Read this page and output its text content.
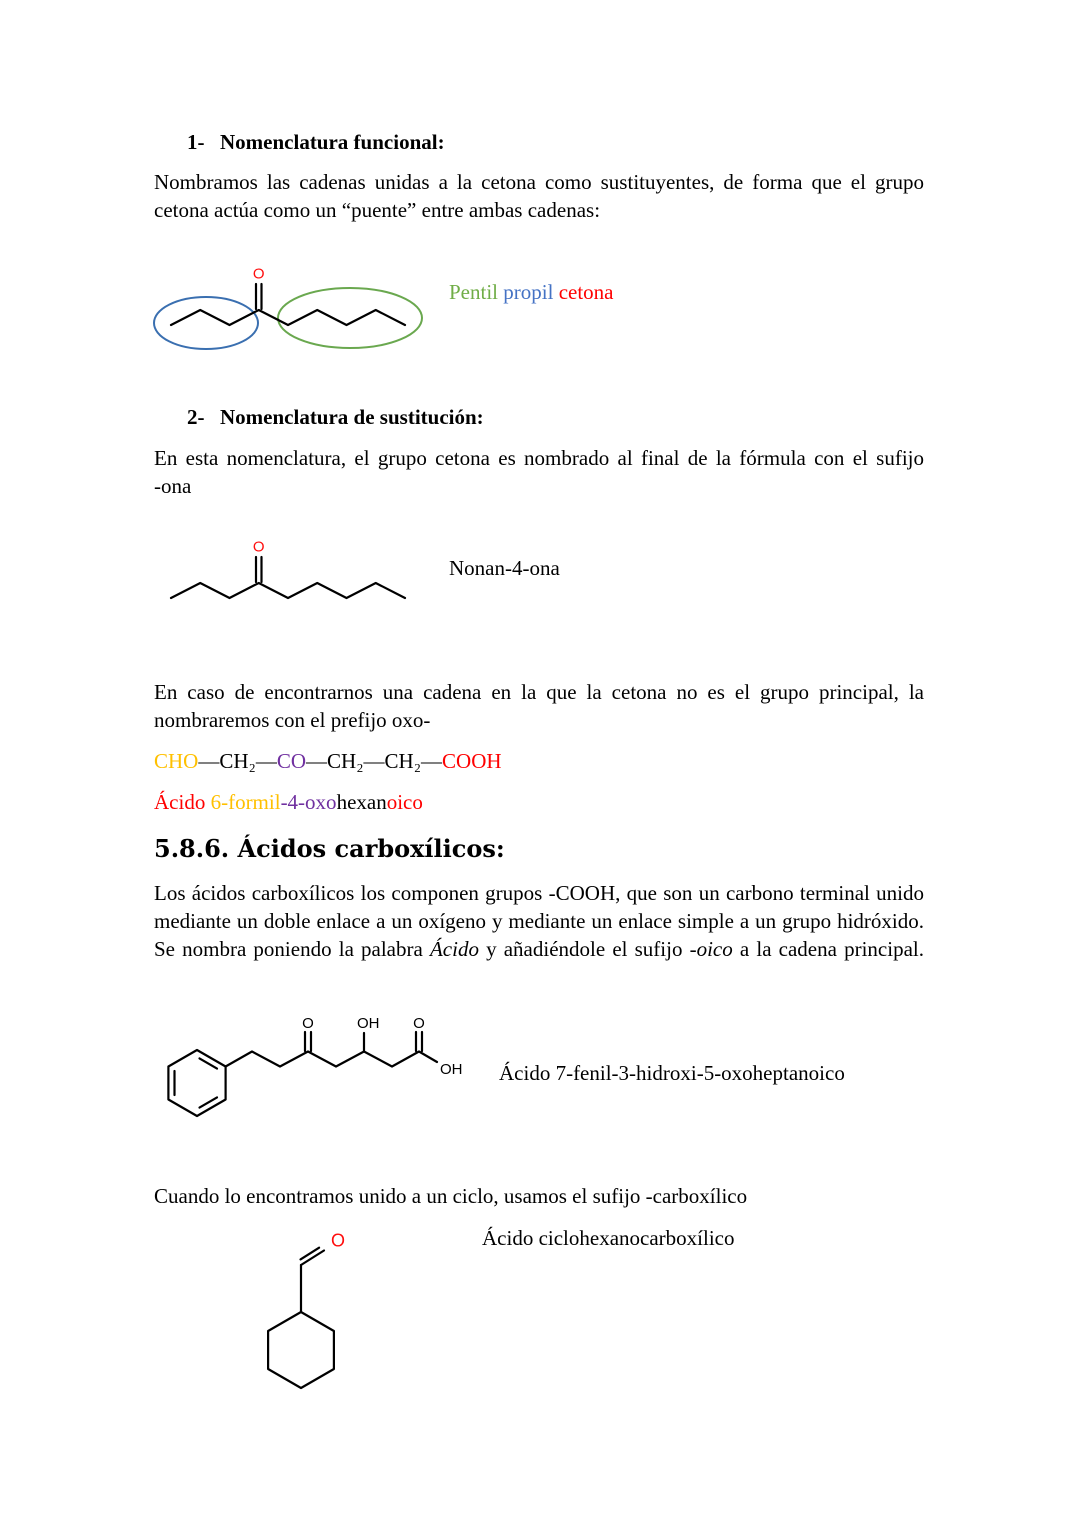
1- Nomenclatura funcional:
Nombramos las cadenas unidas a la cetona como sustituyentes, de forma que el grupo
cetona actúa como un “puente” entre ambas cadenas:
O
Pentil propil cetona
2- Nomenclatura de sustitución:
En esta nomenclatura, el grupo cetona es nombrado al final de la fórmula con el sufijo
-ona
O
Nonan-4-ona
En caso de encontrarnos una cadena en la que la cetona no es el grupo principal, la
nombraremos con el prefijo oxo-
CHO—CH₂—CO—CH₂—CH₂—COOH
Ácido 6-formil-4-oxohexanoico
5.8.6. Ácidos carboxílicos:
Los ácidos carboxílicos los componen grupos -COOH, que son un carbono terminal unido
mediante un doble enlace a un oxígeno y mediante un enlace simple a un grupo hidróxido.
Se nombra poniendo la palabra Ácido y añadiéndole el sufijo -oico a la cadena principal.
O	OH O
OH Ácido 7-fenil-3-hidroxi-5-oxoheptanoico
Cuando lo encontramos unido a un ciclo, usamos el sufijo -carboxílico
Ácido ciclohexanocarboxílico
O
